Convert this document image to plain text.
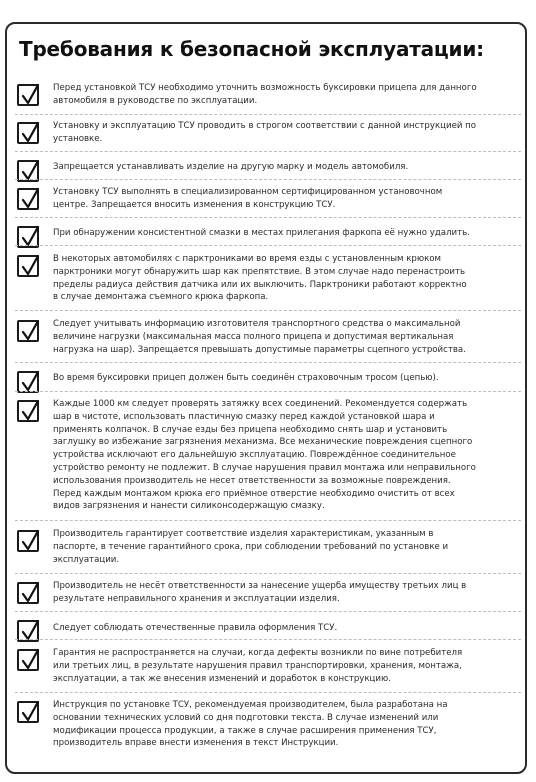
Требования к безопасной эксплуатации:
Перед установкой ТСУ необходимо уточнить возможность буксировки прицепа для данного
автомобиля в руководстве по эксплуатации.
Установку и эксплуатацию ТСУ проводить в строгом соответствии с данной инструкцией по
установке.
Запрещается устанавливать изделие на другую марку и модель автомобиля.
Установку ТСУ выполнять в специализированном сертифицированном установочном
центре. Запрещается вносить изменения в конструкцию ТСУ.
При обнаружении консистентной смазки в местах прилегания фаркопа её нужно удалить.
В некоторых автомобилях с парктрониками во время езды с установленным крюком
парктроники могут обнаружить шар как препятствие. В этом случае надо перенастроить
пределы радиуса действия датчика или их выключить. Парктроники работают корректно
в случае демонтажа съемного крюка фаркопа.
Следует учитывать информацию изготовителя транспортного средства о максимальной
величине нагрузки (максимальная масса полного прицепа и допустимая вертикальная
нагрузка на шар). Запрещается превышать допустимые параметры сцепного устройства.
Во время буксировки прицеп должен быть соединён страховочным тросом (цепью).
Каждые 1000 км следует проверять затяжку всех соединений. Рекомендуется содержать
шар в чистоте, использовать пластичную смазку перед каждой установкой шара и
применять колпачок. В случае езды без прицепа необходимо снять шар и установить
заглушку во избежание загрязнения механизма. Все механические повреждения сцепного
устройства исключают его дальнейшую эксплуатацию. Повреждённое соединительное
устройство ремонту не подлежит. В случае нарушения правил монтажа или неправильного
использования производитель не несет ответственности за возможные повреждения.
Перед каждым монтажом крюка его приёмное отверстие необходимо очистить от всех
видов загрязнения и нанести силиконсодержащую смазку.
Производитель гарантирует соответствие изделия характеристикам, указанным в
паспорте, в течение гарантийного срока, при соблюдении требований по установке и
эксплуатации.
Производитель не несёт ответственности за нанесение ущерба имуществу третьих лиц в
результате неправильного хранения и эксплуатации изделия.
Следует соблюдать отечественные правила оформления ТСУ.
Гарантия не распространяется на случаи, когда дефекты возникли по вине потребителя
или третьих лиц, в результате нарушения правил транспортировки, хранения, монтажа,
эксплуатации, а так же внесения изменений и доработок в конструкцию.
Инструкция по установке ТСУ, рекомендуемая производителем, была разработана на
основании технических условий со дня подготовки текста. В случае изменений или
модификации процесса продукции, а также в случае расширения применения ТСУ,
производитель вправе внести изменения в текст Инструкции.
